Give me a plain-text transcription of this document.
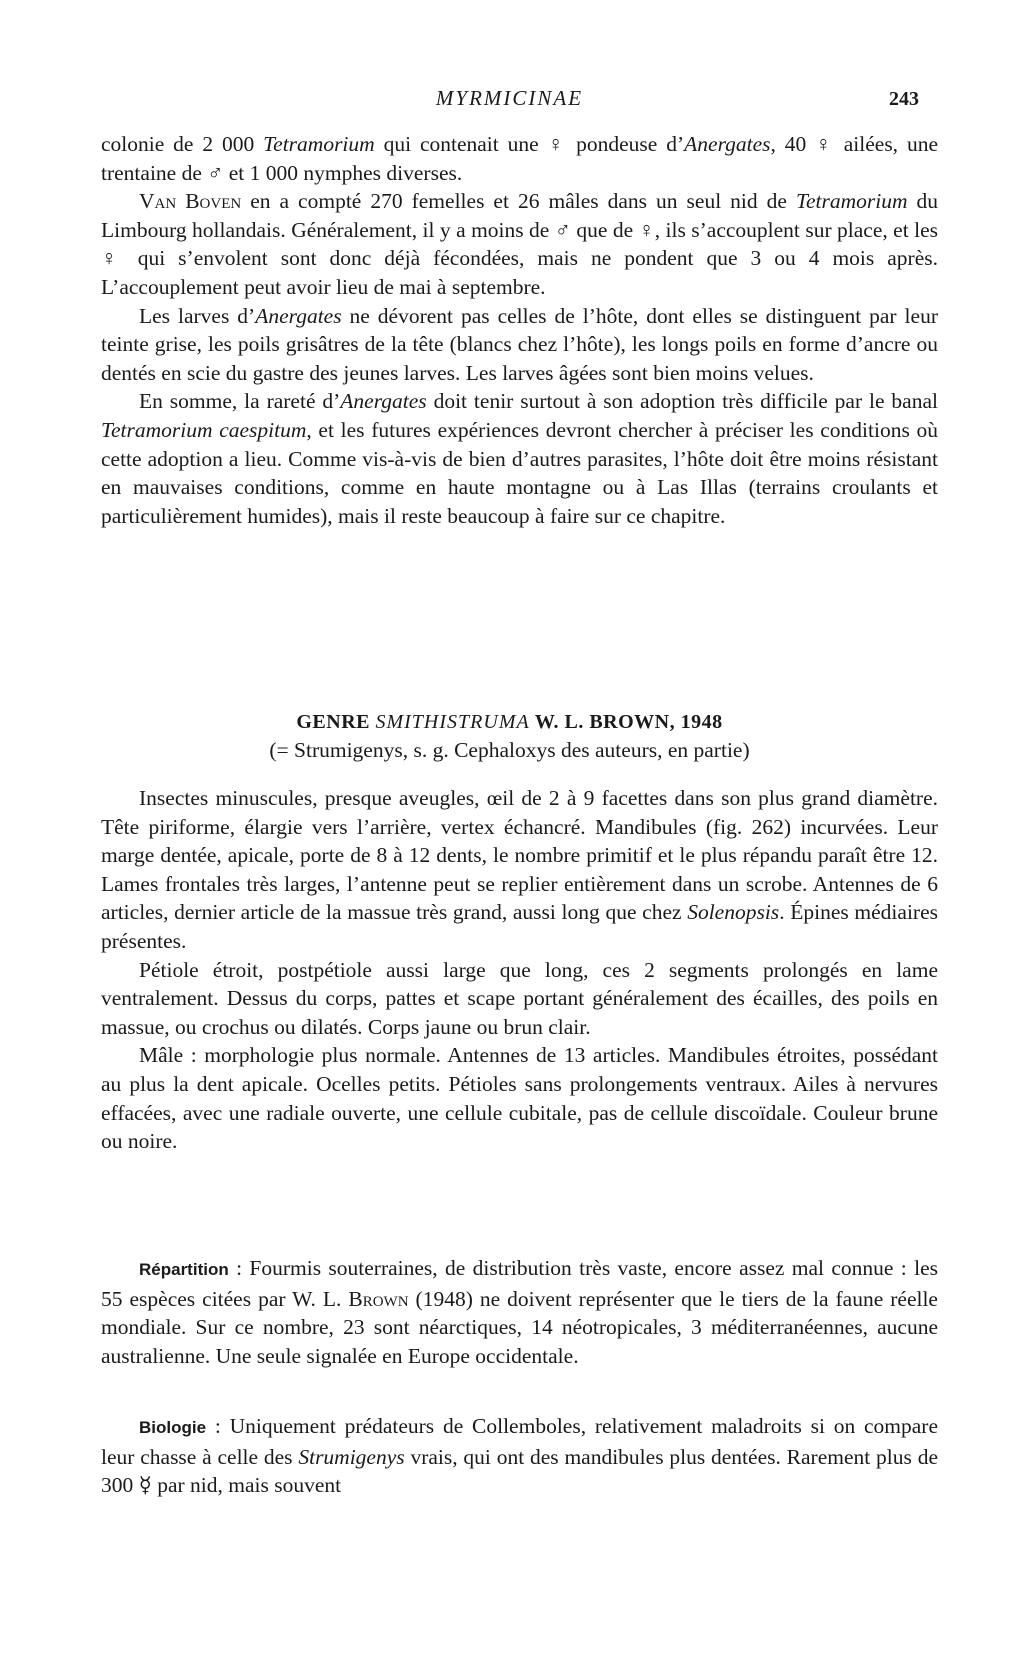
MYRMICINAE	243

colonie de 2 000 Tetramorium qui contenait une ♀ pondeuse d’Anergates, 40 ♀ ailées, une trentaine de ♂ et 1 000 nymphes diverses.

Van Boven en a compté 270 femelles et 26 mâles dans un seul nid de Tetramorium du Limbourg hollandais. Généralement, il y a moins de ♂ que de ♀, ils s’accouplent sur place, et les ♀ qui s’envolent sont donc déjà fécondées, mais ne pondent que 3 ou 4 mois après. L’accouplement peut avoir lieu de mai à septembre.

Les larves d’Anergates ne dévorent pas celles de l’hôte, dont elles se distinguent par leur teinte grise, les poils grisâtres de la tête (blancs chez l’hôte), les longs poils en forme d’ancre ou dentés en scie du gastre des jeunes larves. Les larves âgées sont bien moins velues.

En somme, la rareté d’Anergates doit tenir surtout à son adoption très difficile par le banal Tetramorium caespitum, et les futures expériences devront chercher à préciser les conditions où cette adoption a lieu. Comme vis-à-vis de bien d’autres parasites, l’hôte doit être moins résistant en mauvaises conditions, comme en haute montagne ou à Las Illas (terrains croulants et particulièrement humides), mais il reste beaucoup à faire sur ce chapitre.

GENRE SMITHISTRUMA W. L. BROWN, 1948
(= Strumigenys, s. g. Cephaloxys des auteurs, en partie)

Insectes minuscules, presque aveugles, œil de 2 à 9 facettes dans son plus grand diamètre. Tête piriforme, élargie vers l’arrière, vertex échancré. Mandibules (fig. 262) incurvées. Leur marge dentée, apicale, porte de 8 à 12 dents, le nombre primitif et le plus répandu paraît être 12. Lames frontales très larges, l’antenne peut se replier entièrement dans un scrobe. Antennes de 6 articles, dernier article de la massue très grand, aussi long que chez Solenopsis. Épines médiaires présentes.

Pétiole étroit, postpétiole aussi large que long, ces 2 segments prolongés en lame ventralement. Dessus du corps, pattes et scape portant généralement des écailles, des poils en massue, ou crochus ou dilatés. Corps jaune ou brun clair.

Mâle : morphologie plus normale. Antennes de 13 articles. Mandibules étroites, possédant au plus la dent apicale. Ocelles petits. Pétioles sans prolongements ventraux. Ailes à nervures effacées, avec une radiale ouverte, une cellule cubitale, pas de cellule discoïdale. Couleur brune ou noire.

Répartition : Fourmis souterraines, de distribution très vaste, encore assez mal connue : les 55 espèces citées par W. L. Brown (1948) ne doivent représenter que le tiers de la faune réelle mondiale. Sur ce nombre, 23 sont néarctiques, 14 néotropicales, 3 méditerranéennes, aucune australienne. Une seule signalée en Europe occidentale.

Biologie : Uniquement prédateurs de Collemboles, relativement maladroits si on compare leur chasse à celle des Strumigenys vrais, qui ont des mandibules plus dentées. Rarement plus de 300 ☿ par nid, mais souvent
